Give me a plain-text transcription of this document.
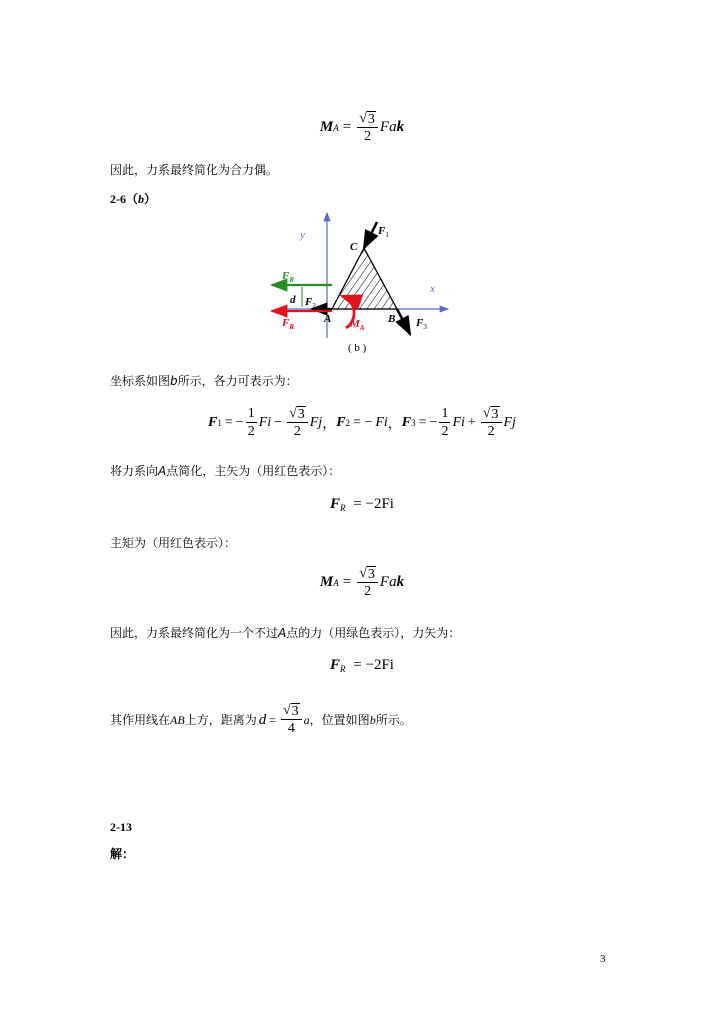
M $A = \frac{√ 3}{2}$ Fa k
因此，力系最终简化为合力偶。
2-6（b）
y
x
C
A	B
$F_1$
$F_2$
$F_3$
$F_R$
d
$F_R$	$M_A$
( b )
坐标系如图b所示，各力可表示为：
F 1 = − $\frac{1}{2}$ $Fi - \frac{√ 3}{2}$ Fj ， F 2 = − Fi ， F 3 = − $\frac{1}{2}$ $Fi + \frac{√ 3}{2}$ Fj
将力系向A点简化，主矢为（用红色表示）：
$F_R = -2Fi$
主矩为（用红色表示）：
M $A = \frac{√ 3}{2}$ Fa k
因此，力系最终简化为一个不过A点的力（用绿色表示），力矢为：
$F_R = -2Fi$
其作用线在 AB 上方，距离为 $d = \frac{√ 3}{4}$ a ，位置如图 b 所示。
2-13
解：
3
